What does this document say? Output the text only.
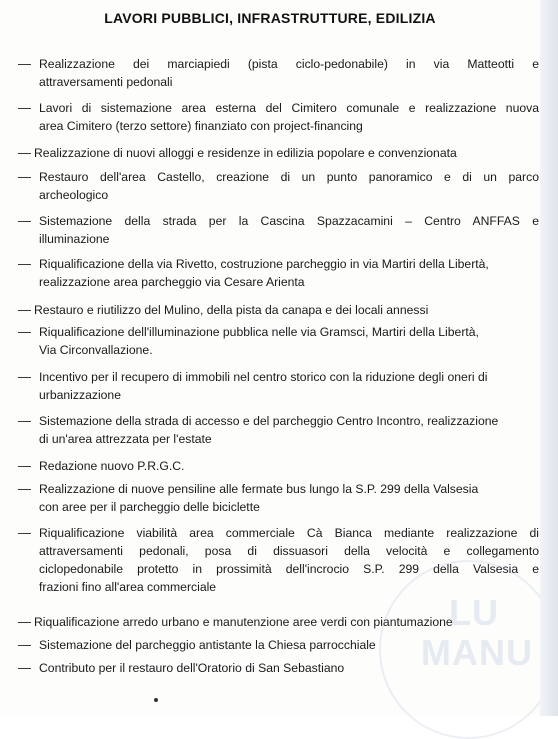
LAVORI PUBBLICI, INFRASTRUTTURE, EDILIZIA
— Realizzazione dei marciapiedi (pista ciclo-pedonabile) in via Matteotti e
attraversamenti pedonali
— Lavori di sistemazione area esterna del Cimitero comunale e realizzazione nuova
area Cimitero (terzo settore) finanziato con project-financing
— Realizzazione di nuovi alloggi e residenze in edilizia popolare e convenzionata
— Restauro dell'area Castello, creazione di un punto panoramico e di un parco
archeologico
— Sistemazione della strada per la Cascina Spazzacamini – Centro ANFFAS e
illuminazione
— Riqualificazione della via Rivetto, costruzione parcheggio in via Martiri della Libertà,
realizzazione area parcheggio via Cesare Arienta
— Restauro e riutilizzo del Mulino, della pista da canapa e dei locali annessi
— Riqualificazione dell'illuminazione pubblica nelle via Gramsci, Martiri della Libertà,
Via Circonvallazione.
— Incentivo per il recupero di immobili nel centro storico con la riduzione degli oneri di
urbanizzazione
— Sistemazione della strada di accesso e del parcheggio Centro Incontro, realizzazione
di un'area attrezzata per l'estate
— Redazione nuovo P.R.G.C.
— Realizzazione di nuove pensiline alle fermate bus lungo la S.P. 299 della Valsesia
con aree per il parcheggio delle biciclette
— Riqualificazione viabilità area commerciale Cà Bianca mediante realizzazione di
attraversamenti pedonali, posa di dissuasori della velocità e collegamento
ciclopedonabile protetto in prossimità dell'incrocio S.P. 299 della Valsesia e
frazioni fino all'area commerciale
— Riqualificazione arredo urbano e manutenzione aree verdi con piantumazione
— Sistemazione del parcheggio antistante la Chiesa parrocchiale
— Contributo per il restauro dell'Oratorio di San Sebastiano
LU
MANU
